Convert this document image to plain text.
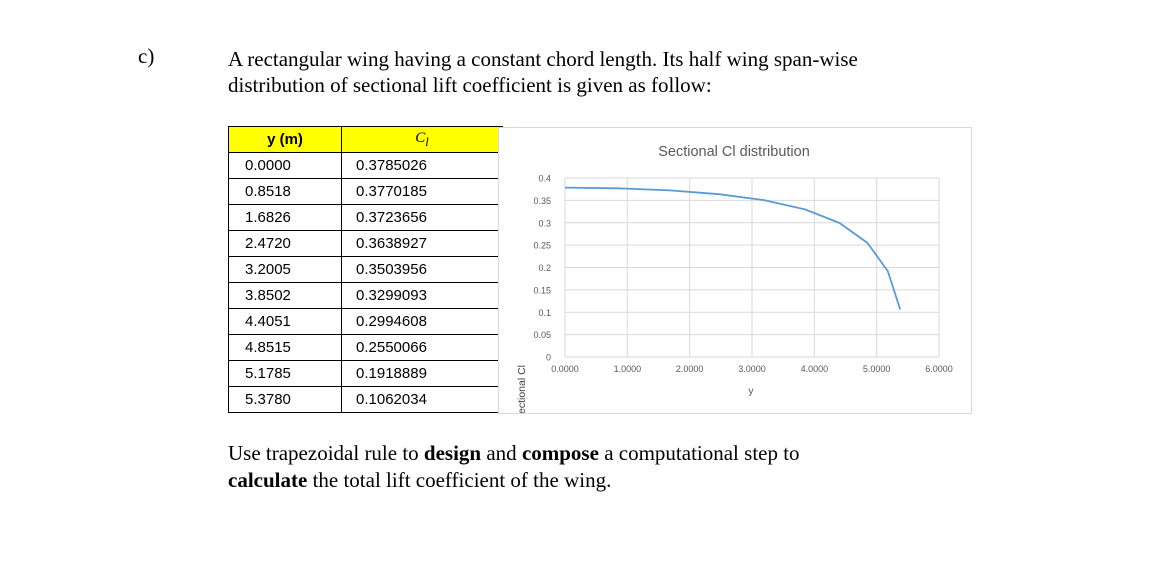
c)	A rectangular wing having a constant chord length. Its half wing span-wise

distribution of sectional lift coefficient is given as follow:

y (m)	$C_l$
0.0000	0.3785026
0.8518	0.3770185
1.6826	0.3723656
2.4720	0.3638927
3.2005	0.3503956
3.8502	0.3299093
4.4051	0.2994608
4.8515	0.2550066
5.1785	0.1918889
5.3780	0.1062034
Sectional Cl distribution
Sectional Cl	y
0
0.05
0.1
0.15
0.2
0.25
0.3
0.35
0.4
0.0000	1.0000	2.0000	3.0000	4.0000	5.0000	6.0000

Use trapezoidal rule to design and compose a computational step to
calculate the total lift coefficient of the wing.
